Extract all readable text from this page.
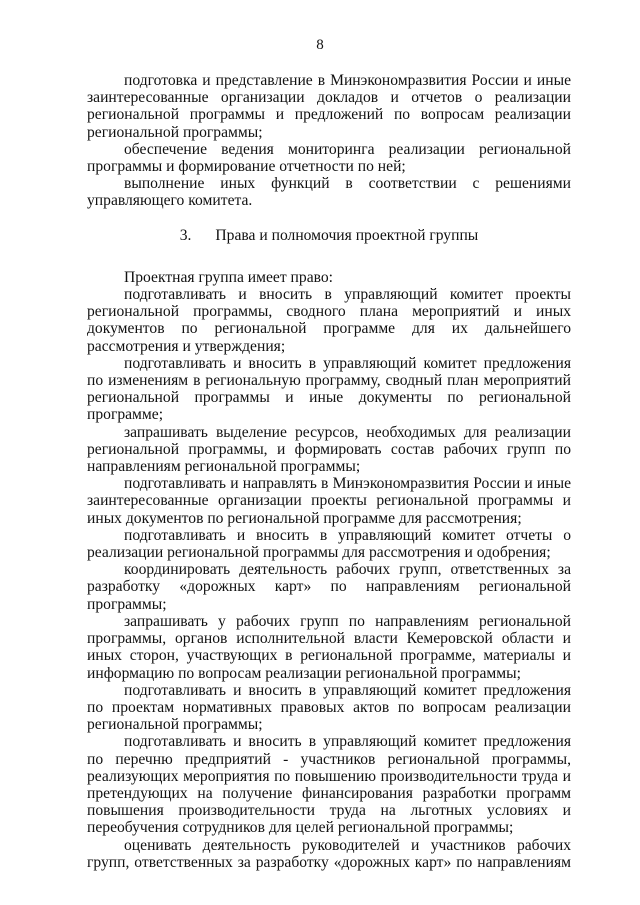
8

подготовка и представление в Минэкономразвития России и иные заинтересованные организации докладов и отчетов о реализации региональной программы и предложений по вопросам реализации региональной программы;

обеспечение ведения мониторинга реализации региональной программы и формирование отчетности по ней;

выполнение иных функций в соответствии с решениями управляющего комитета.

3. Права и полномочия проектной группы

Проектная группа имеет право:

подготавливать и вносить в управляющий комитет проекты региональной программы, сводного плана мероприятий и иных документов по региональной программе для их дальнейшего рассмотрения и утверждения;

подготавливать и вносить в управляющий комитет предложения по изменениям в региональную программу, сводный план мероприятий региональной программы и иные документы по региональной программе;

запрашивать выделение ресурсов, необходимых для реализации региональной программы, и формировать состав рабочих групп по направлениям региональной программы;

подготавливать и направлять в Минэкономразвития России и иные заинтересованные организации проекты региональной программы и иных документов по региональной программе для рассмотрения;

подготавливать и вносить в управляющий комитет отчеты о реализации региональной программы для рассмотрения и одобрения;

координировать деятельность рабочих групп, ответственных за разработку «дорожных карт» по направлениям региональной программы;

запрашивать у рабочих групп по направлениям региональной программы, органов исполнительной власти Кемеровской области и иных сторон, участвующих в региональной программе, материалы и информацию по вопросам реализации региональной программы;

подготавливать и вносить в управляющий комитет предложения по проектам нормативных правовых актов по вопросам реализации региональной программы;

подготавливать и вносить в управляющий комитет предложения по перечню предприятий - участников региональной программы, реализующих мероприятия по повышению производительности труда и претендующих на получение финансирования разработки программ повышения производительности труда на льготных условиях и переобучения сотрудников для целей региональной программы;

оценивать деятельность руководителей и участников рабочих групп, ответственных за разработку «дорожных карт» по направлениям
